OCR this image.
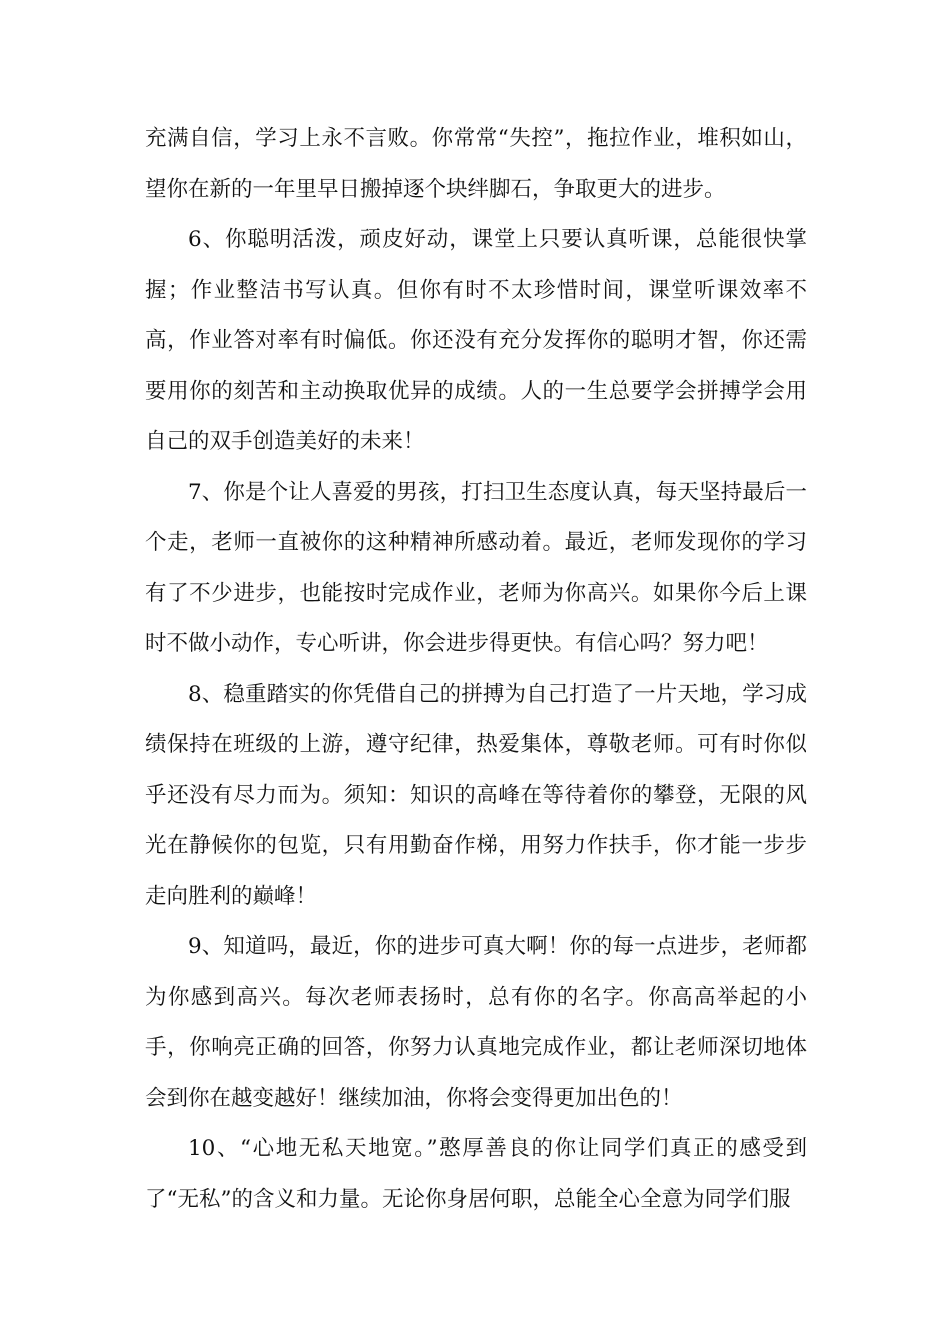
充满自信，学习上永不言败。你常常“失控”，拖拉作业，堆积如山，望你在新的一年里早日搬掉逐个块绊脚石，争取更大的进步。

6、你聪明活泼，顽皮好动，课堂上只要认真听课，总能很快掌握；作业整洁书写认真。但你有时不太珍惜时间，课堂听课效率不高，作业答对率有时偏低。你还没有充分发挥你的聪明才智，你还需要用你的刻苦和主动换取优异的成绩。人的一生总要学会拼搏学会用自己的双手创造美好的未来！

7、你是个让人喜爱的男孩，打扫卫生态度认真，每天坚持最后一个走，老师一直被你的这种精神所感动着。最近，老师发现你的学习有了不少进步，也能按时完成作业，老师为你高兴。如果你今后上课时不做小动作，专心听讲，你会进步得更快。有信心吗？努力吧！

8、稳重踏实的你凭借自己的拼搏为自己打造了一片天地，学习成绩保持在班级的上游，遵守纪律，热爱集体，尊敬老师。可有时你似乎还没有尽力而为。须知：知识的高峰在等待着你的攀登，无限的风光在静候你的包览，只有用勤奋作梯，用努力作扶手，你才能一步步走向胜利的巅峰！

9、知道吗，最近，你的进步可真大啊！你的每一点进步，老师都为你感到高兴。每次老师表扬时，总有你的名字。你高高举起的小手，你响亮正确的回答，你努力认真地完成作业，都让老师深切地体会到你在越变越好！继续加油，你将会变得更加出色的！

10、“心地无私天地宽。”憨厚善良的你让同学们真正的感受到了“无私”的含义和力量。无论你身居何职，总能全心全意为同学们服
